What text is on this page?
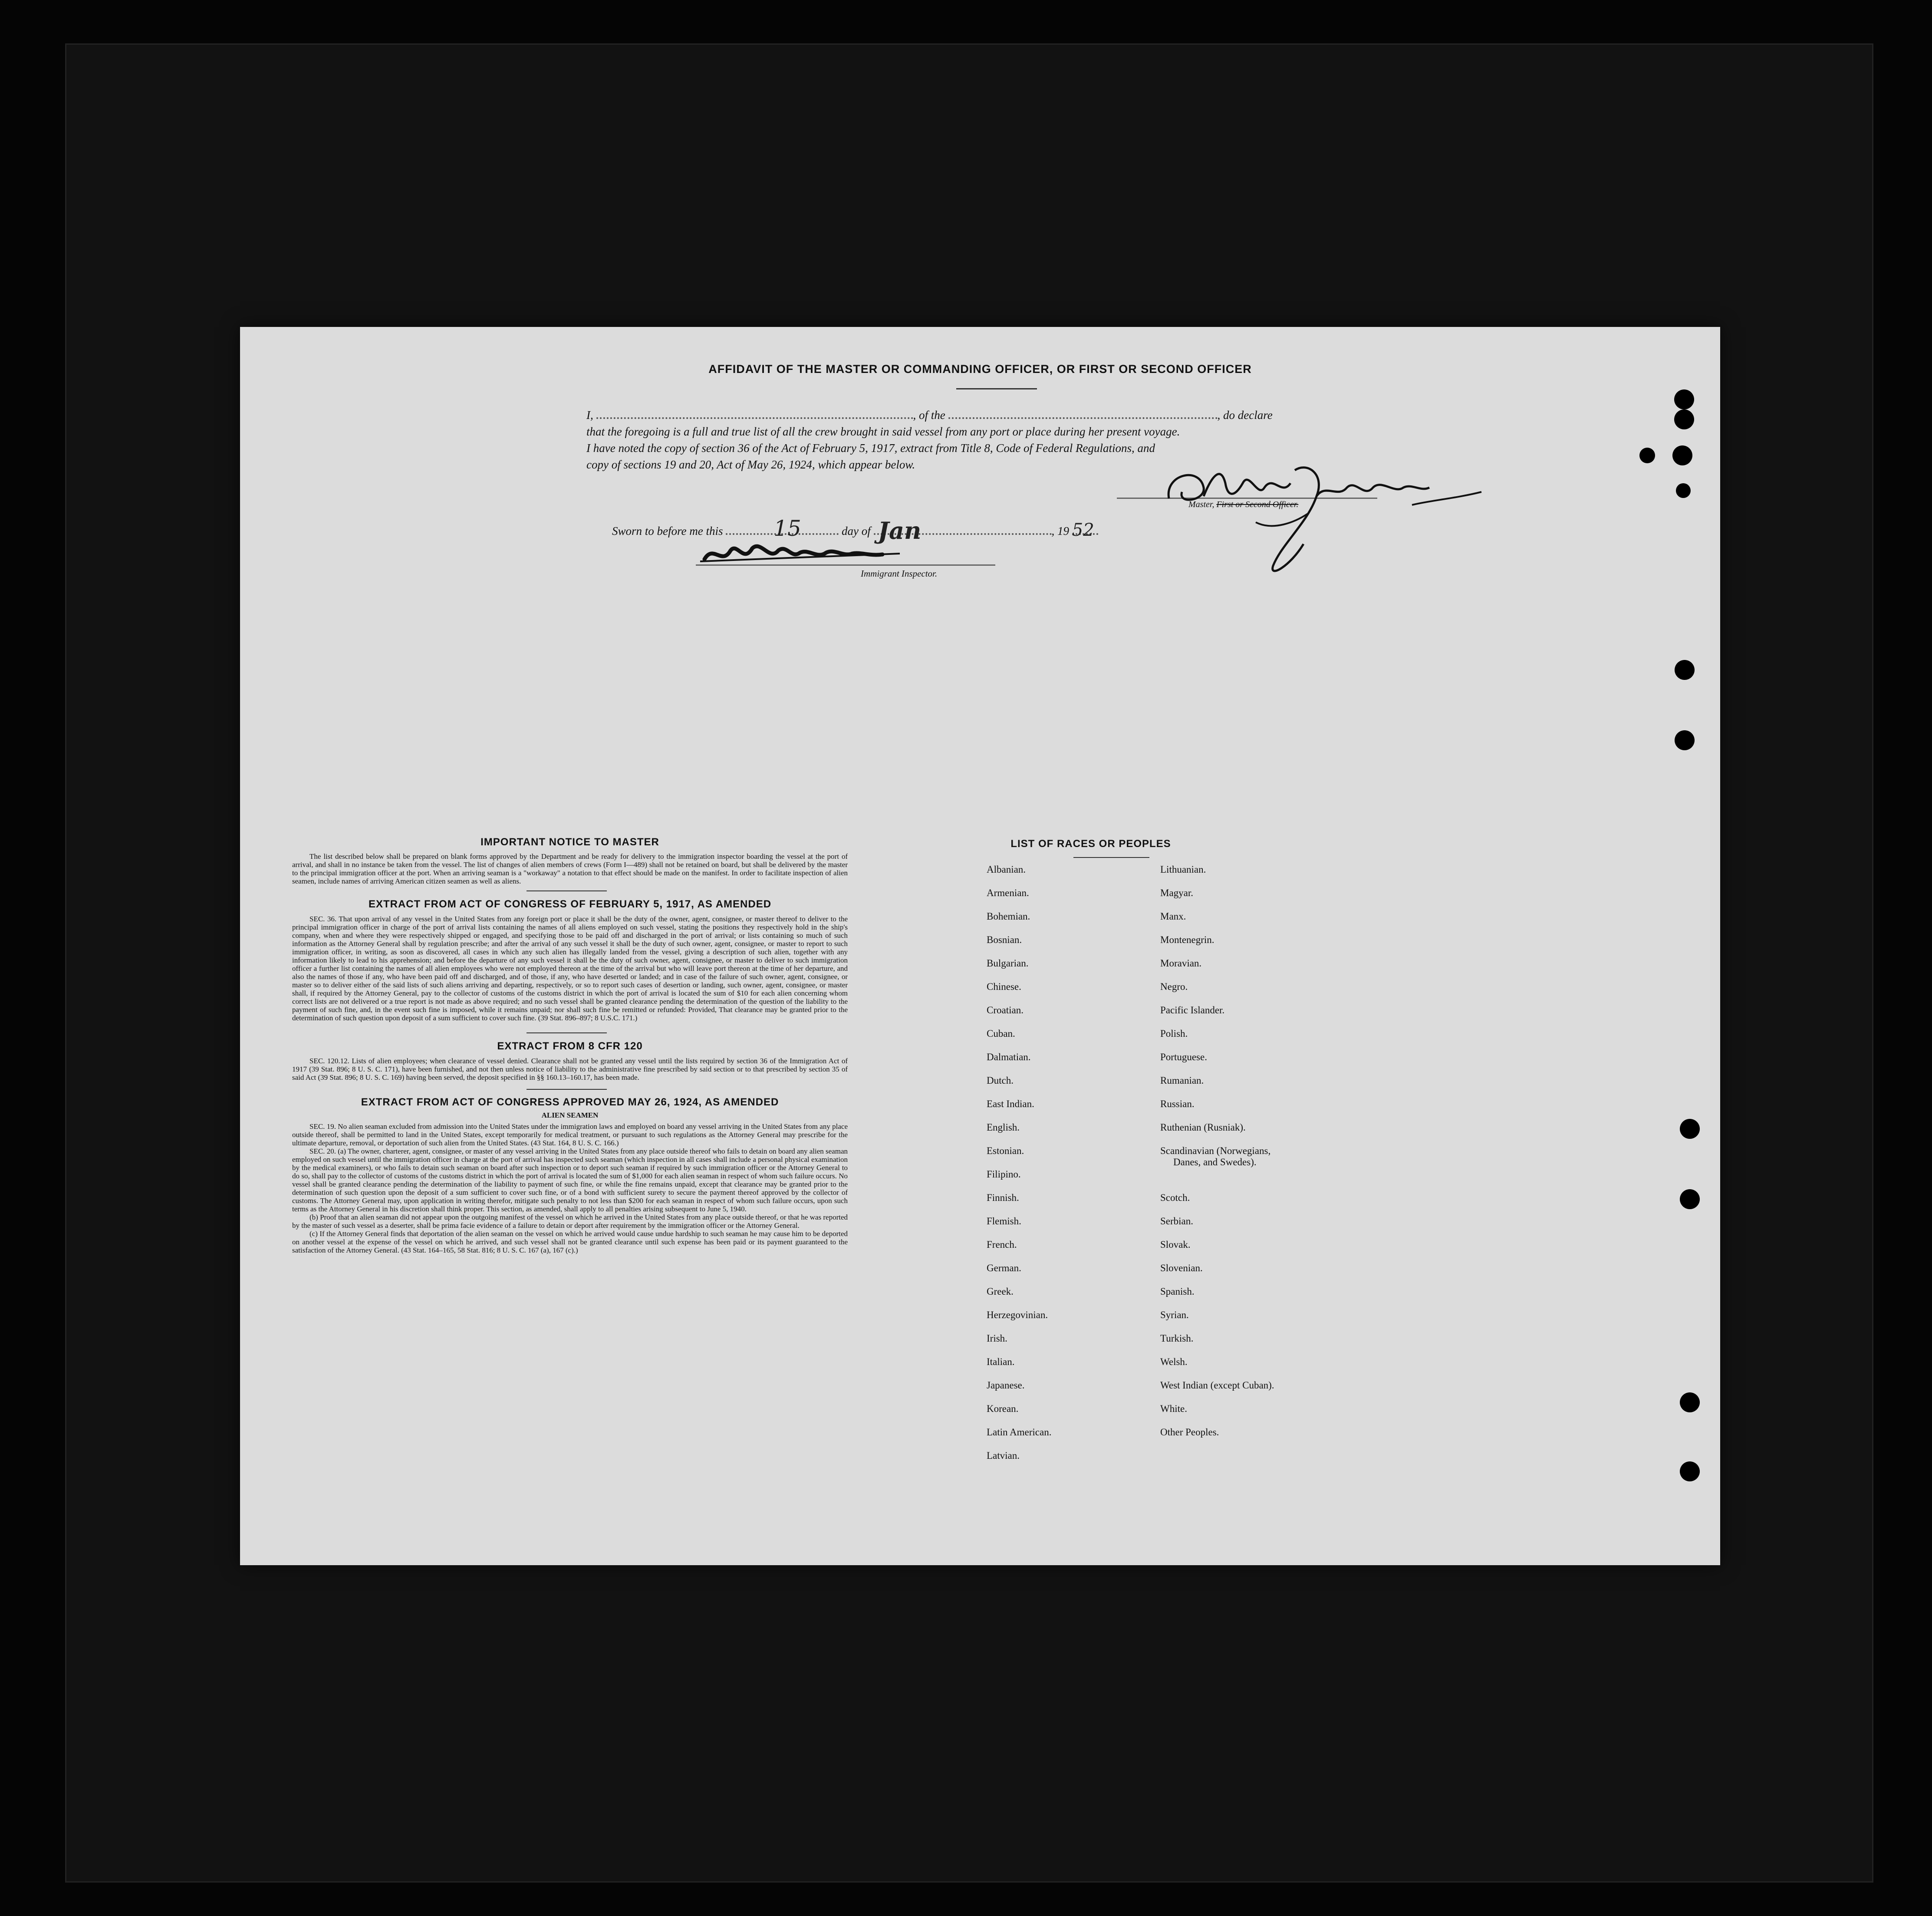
AFFIDAVIT OF THE MASTER OR COMMANDING OFFICER, OR FIRST OR SECOND OFFICER
I,	, of the	, do declare
that the foregoing is a full and true list of all the crew brought in said vessel from any port or place during her present voyage.
I have noted the copy of section 36 of the Act of February 5, 1917, extract from Title 8, Code of Federal Regulations, and
copy of sections 19 and 20, Act of May 26, 1924, which appear below.
Master, First or Second Officer.
Sworn to before me this 15	day of Jan	, 19 52
Immigrant Inspector.
IMPORTANT NOTICE TO MASTER

The list described below shall be prepared on blank forms approved by the Department and be ready for delivery to the immigration inspector boarding the vessel at the port of arrival, and shall in no instance be taken from the vessel. The list of changes of alien members of crews (Form I—489) shall not be retained on board, but shall be delivered by the master to the principal immigration officer at the port. When an arriving seaman is a "workaway" a notation to that effect should be made on the manifest. In order to facilitate inspection of alien seamen, include names of arriving American citizen seamen as well as aliens.

EXTRACT FROM ACT OF CONGRESS OF FEBRUARY 5, 1917, AS AMENDED

SEC. 36. That upon arrival of any vessel in the United States from any foreign port or place it shall be the duty of the owner, agent, consignee, or master thereof to deliver to the principal immigration officer in charge of the port of arrival lists containing the names of all aliens employed on such vessel, stating the positions they respectively hold in the ship's company, when and where they were respectively shipped or engaged, and specifying those to be paid off and discharged in the port of arrival; or lists containing so much of such information as the Attorney General shall by regulation prescribe; and after the arrival of any such vessel it shall be the duty of such owner, agent, consignee, or master to report to such immigration officer, in writing, as soon as discovered, all cases in which any such alien has illegally landed from the vessel, giving a description of such alien, together with any information likely to lead to his apprehension; and before the departure of any such vessel it shall be the duty of such owner, agent, consignee, or master to deliver to such immigration officer a further list containing the names of all alien employees who were not employed thereon at the time of the arrival but who will leave port thereon at the time of her departure, and also the names of those if any, who have been paid off and discharged, and of those, if any, who have deserted or landed; and in case of the failure of such owner, agent, consignee, or master so to deliver either of the said lists of such aliens arriving and departing, respectively, or so to report such cases of desertion or landing, such owner, agent, consignee, or master shall, if required by the Attorney General, pay to the collector of customs of the customs district in which the port of arrival is located the sum of $10 for each alien concerning whom correct lists are not delivered or a true report is not made as above required; and no such vessel shall be granted clearance pending the determination of the question of the liability to the payment of such fine, and, in the event such fine is imposed, while it remains unpaid; nor shall such fine be remitted or refunded: Provided, That clearance may be granted prior to the determination of such question upon deposit of a sum sufficient to cover such fine. (39 Stat. 896–897; 8 U.S.C. 171.)

EXTRACT FROM 8 CFR 120

SEC. 120.12. Lists of alien employees; when clearance of vessel denied. Clearance shall not be granted any vessel until the lists required by section 36 of the Immigration Act of 1917 (39 Stat. 896; 8 U. S. C. 171), have been furnished, and not then unless notice of liability to the administrative fine prescribed by said section or to that prescribed by section 35 of said Act (39 Stat. 896; 8 U. S. C. 169) having been served, the deposit specified in §§ 160.13–160.17, has been made.

EXTRACT FROM ACT OF CONGRESS APPROVED MAY 26, 1924, AS AMENDED
ALIEN SEAMEN

SEC. 19. No alien seaman excluded from admission into the United States under the immigration laws and employed on board any vessel arriving in the United States from any place outside thereof, shall be permitted to land in the United States, except temporarily for medical treatment, or pursuant to such regulations as the Attorney General may prescribe for the ultimate departure, removal, or deportation of such alien from the United States. (43 Stat. 164, 8 U. S. C. 166.)

SEC. 20. (a) The owner, charterer, agent, consignee, or master of any vessel arriving in the United States from any place outside thereof who fails to detain on board any alien seaman employed on such vessel until the immigration officer in charge at the port of arrival has inspected such seaman (which inspection in all cases shall include a personal physical examination by the medical examiners), or who fails to detain such seaman on board after such inspection or to deport such seaman if required by such immigration officer or the Attorney General to do so, shall pay to the collector of customs of the customs district in which the port of arrival is located the sum of $1,000 for each alien seaman in respect of whom such failure occurs. No vessel shall be granted clearance pending the determination of the liability to payment of such fine, or while the fine remains unpaid, except that clearance may be granted prior to the determination of such question upon the deposit of a sum sufficient to cover such fine, or of a bond with sufficient surety to secure the payment thereof approved by the collector of customs. The Attorney General may, upon application in writing therefor, mitigate such penalty to not less than $200 for each seaman in respect of whom such failure occurs, upon such terms as the Attorney General in his discretion shall think proper. This section, as amended, shall apply to all penalties arising subsequent to June 5, 1940.

(b) Proof that an alien seaman did not appear upon the outgoing manifest of the vessel on which he arrived in the United States from any place outside thereof, or that he was reported by the master of such vessel as a deserter, shall be prima facie evidence of a failure to detain or deport after requirement by the immigration officer or the Attorney General.

(c) If the Attorney General finds that deportation of the alien seaman on the vessel on which he arrived would cause undue hardship to such seaman he may cause him to be deported on another vessel at the expense of the vessel on which he arrived, and such vessel shall not be granted clearance until such expense has been paid or its payment guaranteed to the satisfaction of the Attorney General. (43 Stat. 164–165, 58 Stat. 816; 8 U. S. C. 167 (a), 167 (c).)

LIST OF RACES OR PEOPLES
Albanian.
Armenian.
Bohemian.
Bosnian.
Bulgarian.
Chinese.
Croatian.
Cuban.
Dalmatian.
Dutch.
East Indian.
English.
Estonian.
Filipino.
Finnish.
Flemish.
French.
German.
Greek.
Herzegovinian.
Irish.
Italian.
Japanese.
Korean.
Latin American.
Latvian.
Lithuanian.
Magyar.
Manx.
Montenegrin.
Moravian.
Negro.
Pacific Islander.
Polish.
Portuguese.
Rumanian.
Russian.
Ruthenian (Rusniak).
Scandinavian (Norwegians,
Danes, and Swedes).
Scotch.
Serbian.
Slovak.
Slovenian.
Spanish.
Syrian.
Turkish.
Welsh.
West Indian (except Cuban).
White.
Other Peoples.
